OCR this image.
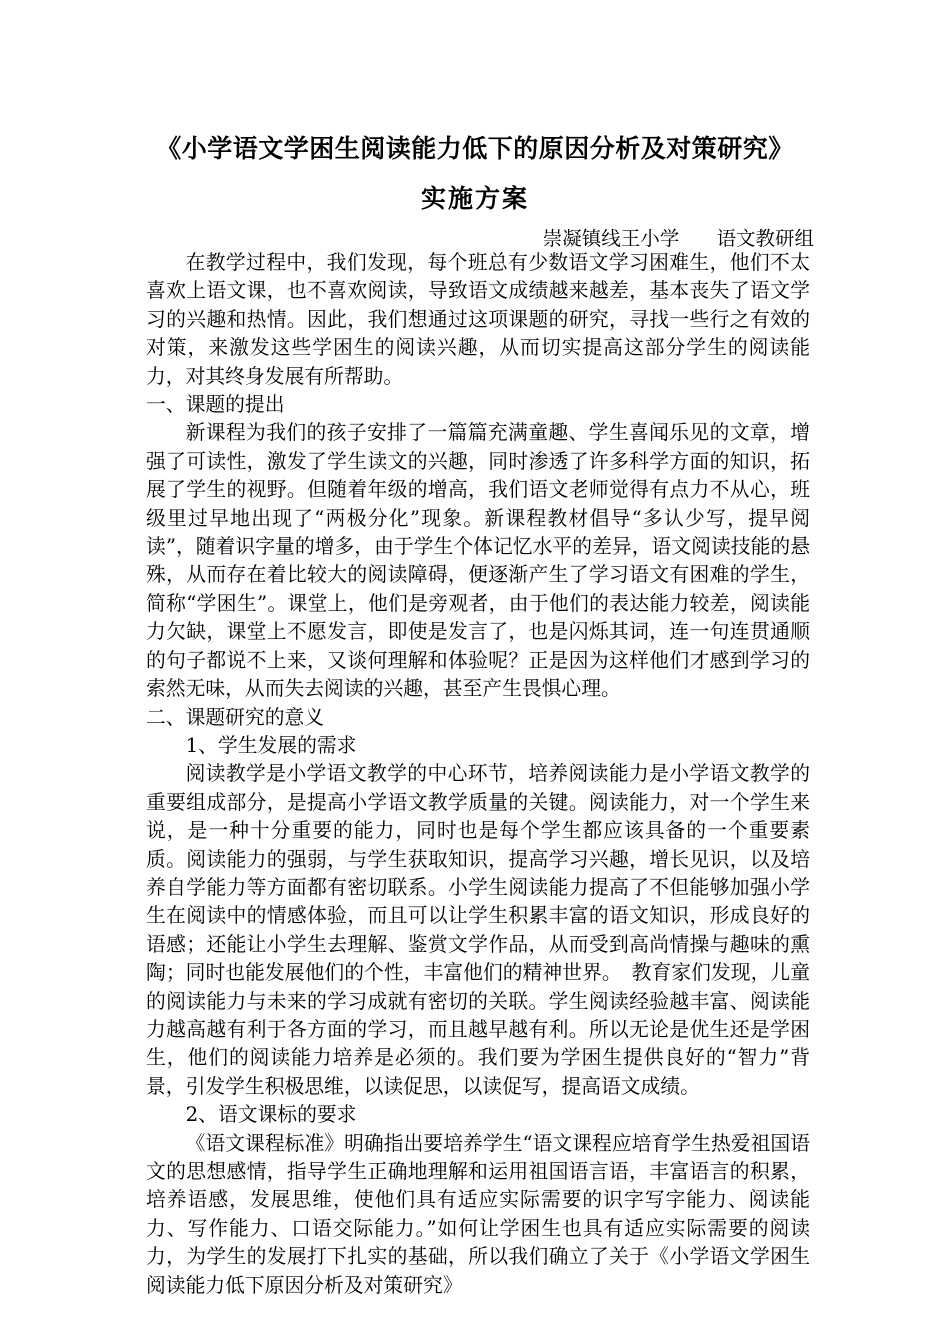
《小学语文学困生阅读能力低下的原因分析及对策研究》
实施方案
崇凝镇线王小学      语文教研组

在教学过程中，我们发现，每个班总有少数语文学习困难生，他们不太喜欢上语文课，也不喜欢阅读，导致语文成绩越来越差，基本丧失了语文学习的兴趣和热情。因此，我们想通过这项课题的研究，寻找一些行之有效的对策，来激发这些学困生的阅读兴趣，从而切实提高这部分学生的阅读能力，对其终身发展有所帮助。

一、课题的提出

新课程为我们的孩子安排了一篇篇充满童趣、学生喜闻乐见的文章，增强了可读性，激发了学生读文的兴趣，同时渗透了许多科学方面的知识，拓展了学生的视野。但随着年级的增高，我们语文老师觉得有点力不从心，班级里过早地出现了“两极分化”现象。新课程教材倡导“多认少写，提早阅读”，随着识字量的增多，由于学生个体记忆水平的差异，语文阅读技能的悬殊，从而存在着比较大的阅读障碍，便逐渐产生了学习语文有困难的学生，简称“学困生”。课堂上，他们是旁观者，由于他们的表达能力较差，阅读能力欠缺，课堂上不愿发言，即使是发言了，也是闪烁其词，连一句连贯通顺的句子都说不上来，又谈何理解和体验呢？正是因为这样他们才感到学习的索然无味，从而失去阅读的兴趣，甚至产生畏惧心理。

二、课题研究的意义

1、学生发展的需求

阅读教学是小学语文教学的中心环节，培养阅读能力是小学语文教学的重要组成部分，是提高小学语文教学质量的关键。阅读能力，对一个学生来说，是一种十分重要的能力，同时也是每个学生都应该具备的一个重要素质。阅读能力的强弱，与学生获取知识，提高学习兴趣，增长见识，以及培养自学能力等方面都有密切联系。小学生阅读能力提高了不但能够加强小学生在阅读中的情感体验，而且可以让学生积累丰富的语文知识，形成良好的语感；还能让小学生去理解、鉴赏文学作品，从而受到高尚情操与趣味的熏陶；同时也能发展他们的个性，丰富他们的精神世界。　教育家们发现，儿童的阅读能力与未来的学习成就有密切的关联。学生阅读经验越丰富、阅读能力越高越有利于各方面的学习，而且越早越有利。所以无论是优生还是学困生，他们的阅读能力培养是必须的。我们要为学困生提供良好的“智力”背景，引发学生积极思维，以读促思，以读促写，提高语文成绩。

2、语文课标的要求

《语文课程标准》明确指出要培养学生“语文课程应培育学生热爱祖国语文的思想感情，指导学生正确地理解和运用祖国语言语，丰富语言的积累，培养语感，发展思维，使他们具有适应实际需要的识字写字能力、阅读能力、写作能力、口语交际能力。”如何让学困生也具有适应实际需要的阅读力，为学生的发展打下扎实的基础，所以我们确立了关于《小学语文学困生阅读能力低下原因分析及对策研究》
